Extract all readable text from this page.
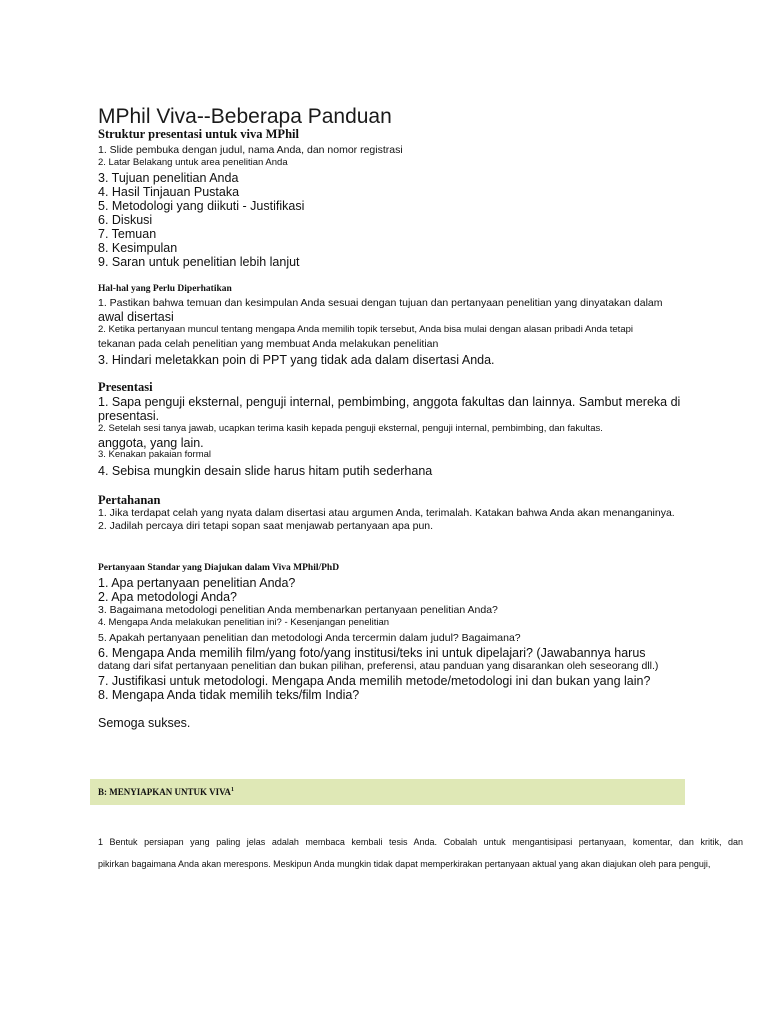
MPhil Viva--Beberapa Panduan
Struktur presentasi untuk viva MPhil
1. Slide pembuka dengan judul, nama Anda, dan nomor registrasi
2. Latar Belakang untuk area penelitian Anda
3. Tujuan penelitian Anda
4. Hasil Tinjauan Pustaka
5. Metodologi yang diikuti - Justifikasi
6. Diskusi
7. Temuan
8. Kesimpulan
9. Saran untuk penelitian lebih lanjut
Hal-hal yang Perlu Diperhatikan
1. Pastikan bahwa temuan dan kesimpulan Anda sesuai dengan tujuan dan pertanyaan penelitian yang dinyatakan dalam
awal disertasi
2. Ketika pertanyaan muncul tentang mengapa Anda memilih topik tersebut, Anda bisa mulai dengan alasan pribadi Anda tetapi
tekanan pada celah penelitian yang membuat Anda melakukan penelitian
3. Hindari meletakkan poin di PPT yang tidak ada dalam disertasi Anda.
Presentasi
1. Sapa penguji eksternal, penguji internal, pembimbing, anggota fakultas dan lainnya. Sambut mereka di
presentasi.
2. Setelah sesi tanya jawab, ucapkan terima kasih kepada penguji eksternal, penguji internal, pembimbing, dan fakultas.
anggota, yang lain.
3. Kenakan pakaian formal
4. Sebisa mungkin desain slide harus hitam putih sederhana
Pertahanan
1. Jika terdapat celah yang nyata dalam disertasi atau argumen Anda, terimalah. Katakan bahwa Anda akan menanganinya.
2. Jadilah percaya diri tetapi sopan saat menjawab pertanyaan apa pun.
Pertanyaan Standar yang Diajukan dalam Viva MPhil/PhD
1. Apa pertanyaan penelitian Anda?
2. Apa metodologi Anda?
3. Bagaimana metodologi penelitian Anda membenarkan pertanyaan penelitian Anda?
4. Mengapa Anda melakukan penelitian ini? - Kesenjangan penelitian
5. Apakah pertanyaan penelitian dan metodologi Anda tercermin dalam judul? Bagaimana?
6. Mengapa Anda memilih film/yang foto/yang institusi/teks ini untuk dipelajari? (Jawabannya harus
datang dari sifat pertanyaan penelitian dan bukan pilihan, preferensi, atau panduan yang disarankan oleh seseorang dll.)
7. Justifikasi untuk metodologi. Mengapa Anda memilih metode/metodologi ini dan bukan yang lain?
8. Mengapa Anda tidak memilih teks/film India?
Semoga sukses.
B: MENYIAPKAN UNTUK VIVA$^1$
1 Bentuk persiapan yang paling jelas adalah membaca kembali tesis Anda. Cobalah untuk mengantisipasi pertanyaan, komentar, dan kritik, dan
pikirkan bagaimana Anda akan merespons. Meskipun Anda mungkin tidak dapat memperkirakan pertanyaan aktual yang akan diajukan oleh para penguji,
